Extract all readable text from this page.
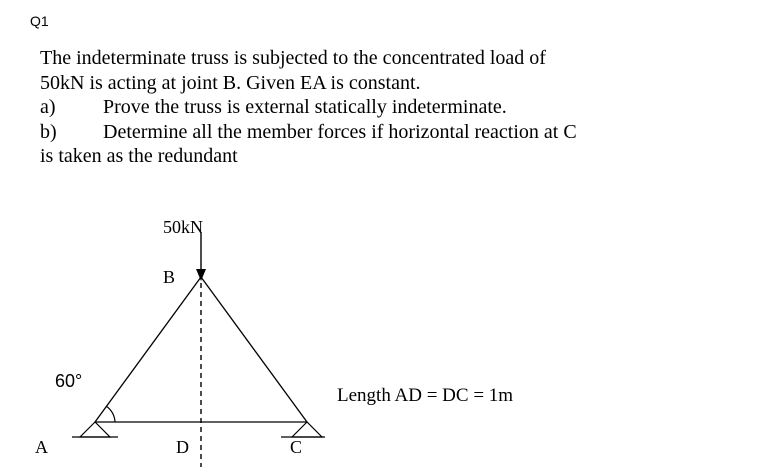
Q1
The indeterminate truss is subjected to the concentrated load of
50kN is acting at joint B. Given EA is constant.
a)	Prove the truss is external statically indeterminate.
b)	Determine all the member forces if horizontal reaction at C
is taken as the redundant
50kN
B
60°
A	D	C
Length AD = DC = 1m
